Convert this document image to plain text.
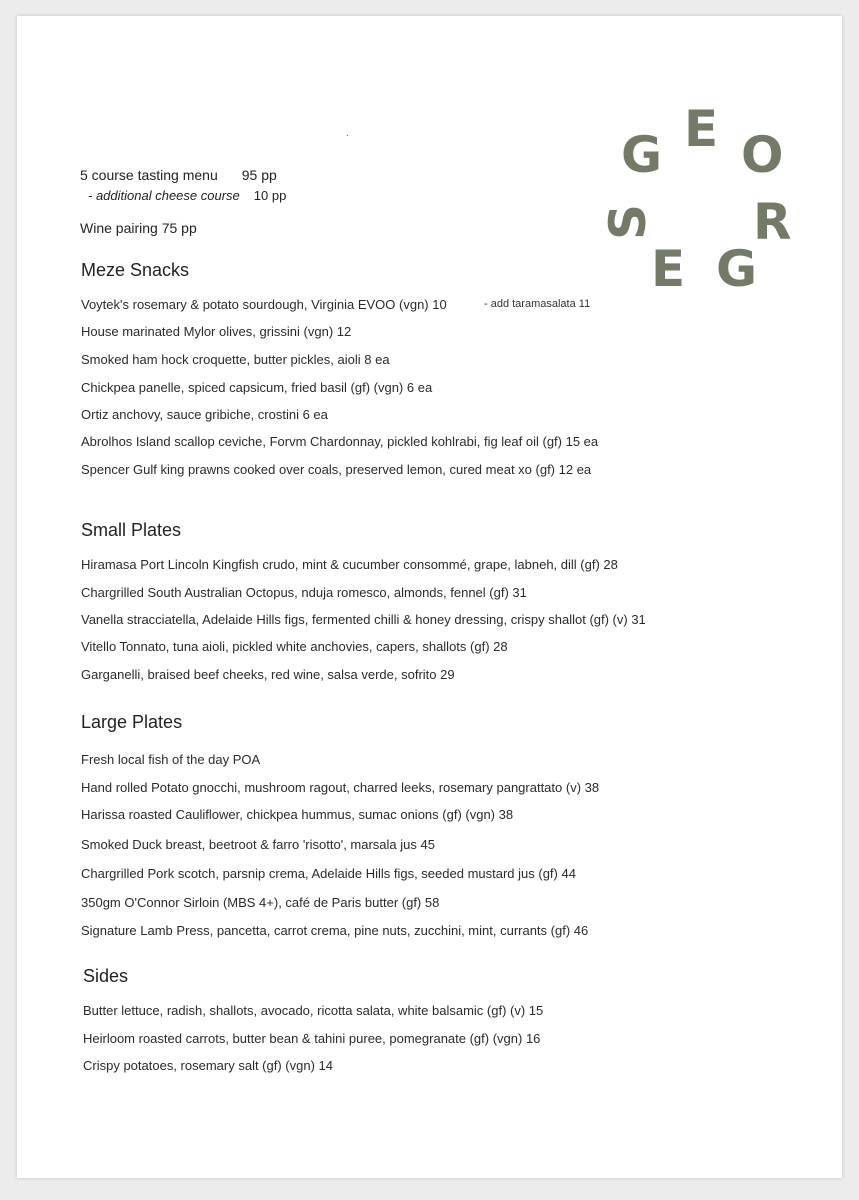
.	E
G O
S R
E G
5 course tasting menu 95 pp
- additional cheese course 10 pp
Wine pairing 75 pp
Meze Snacks
Voytek's rosemary & potato sourdough, Virginia EVOO (vgn) 10	- add taramasalata 11
House marinated Mylor olives, grissini (vgn) 12
Smoked ham hock croquette, butter pickles, aioli 8 ea
Chickpea panelle, spiced capsicum, fried basil (gf) (vgn) 6 ea
Ortiz anchovy, sauce gribiche, crostini 6 ea
Abrolhos Island scallop ceviche, Forvm Chardonnay, pickled kohlrabi, fig leaf oil (gf) 15 ea
Spencer Gulf king prawns cooked over coals, preserved lemon, cured meat xo (gf) 12 ea
Small Plates
Hiramasa Port Lincoln Kingfish crudo, mint & cucumber consommé, grape, labneh, dill (gf) 28
Chargrilled South Australian Octopus, nduja romesco, almonds, fennel (gf) 31
Vanella stracciatella, Adelaide Hills figs, fermented chilli & honey dressing, crispy shallot (gf) (v) 31
Vitello Tonnato, tuna aioli, pickled white anchovies, capers, shallots (gf) 28
Garganelli, braised beef cheeks, red wine, salsa verde, sofrito 29
Large Plates
Fresh local fish of the day POA
Hand rolled Potato gnocchi, mushroom ragout, charred leeks, rosemary pangrattato (v) 38
Harissa roasted Cauliflower, chickpea hummus, sumac onions (gf) (vgn) 38
Smoked Duck breast, beetroot & farro 'risotto', marsala jus 45
Chargrilled Pork scotch, parsnip crema, Adelaide Hills figs, seeded mustard jus (gf) 44
350gm O'Connor Sirloin (MBS 4+), café de Paris butter (gf) 58
Signature Lamb Press, pancetta, carrot crema, pine nuts, zucchini, mint, currants (gf) 46
Sides
Butter lettuce, radish, shallots, avocado, ricotta salata, white balsamic (gf) (v) 15
Heirloom roasted carrots, butter bean & tahini puree, pomegranate (gf) (vgn) 16
Crispy potatoes, rosemary salt (gf) (vgn) 14
